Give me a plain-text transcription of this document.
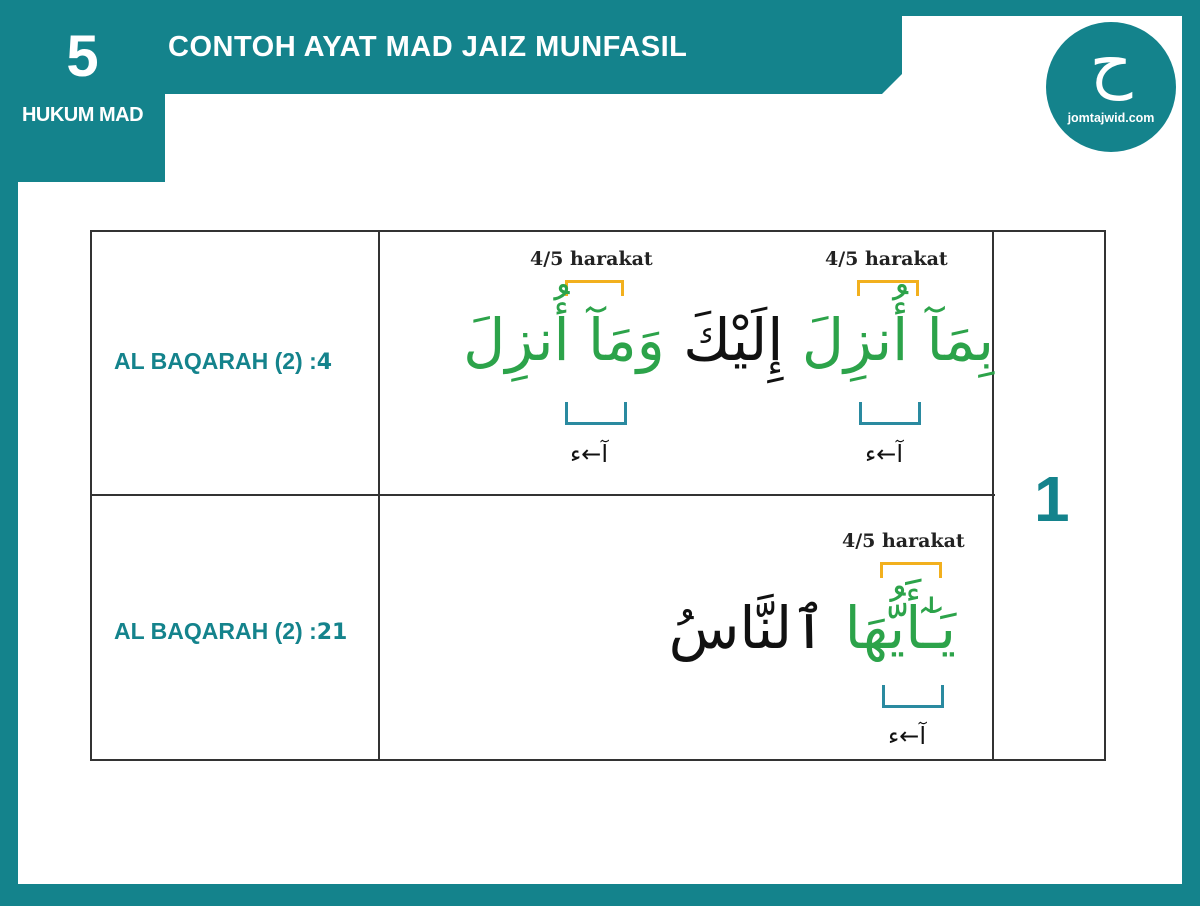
5
HUKUM MAD
CONTOH AYAT MAD JAIZ MUNFASIL	ح
jomtajwid.com
1
AL BAQARAH (2) :4
4/5 harakat
آ←ء
4/5 harakat
آ←ء
بِمَآ أُنزِلَ إِلَيْكَ وَمَآ أُنزِلَ
AL BAQARAH (2) :21
4/5 harakat
آ←ء
يَـٰٓأَيُّهَا ٱلنَّاسُ
